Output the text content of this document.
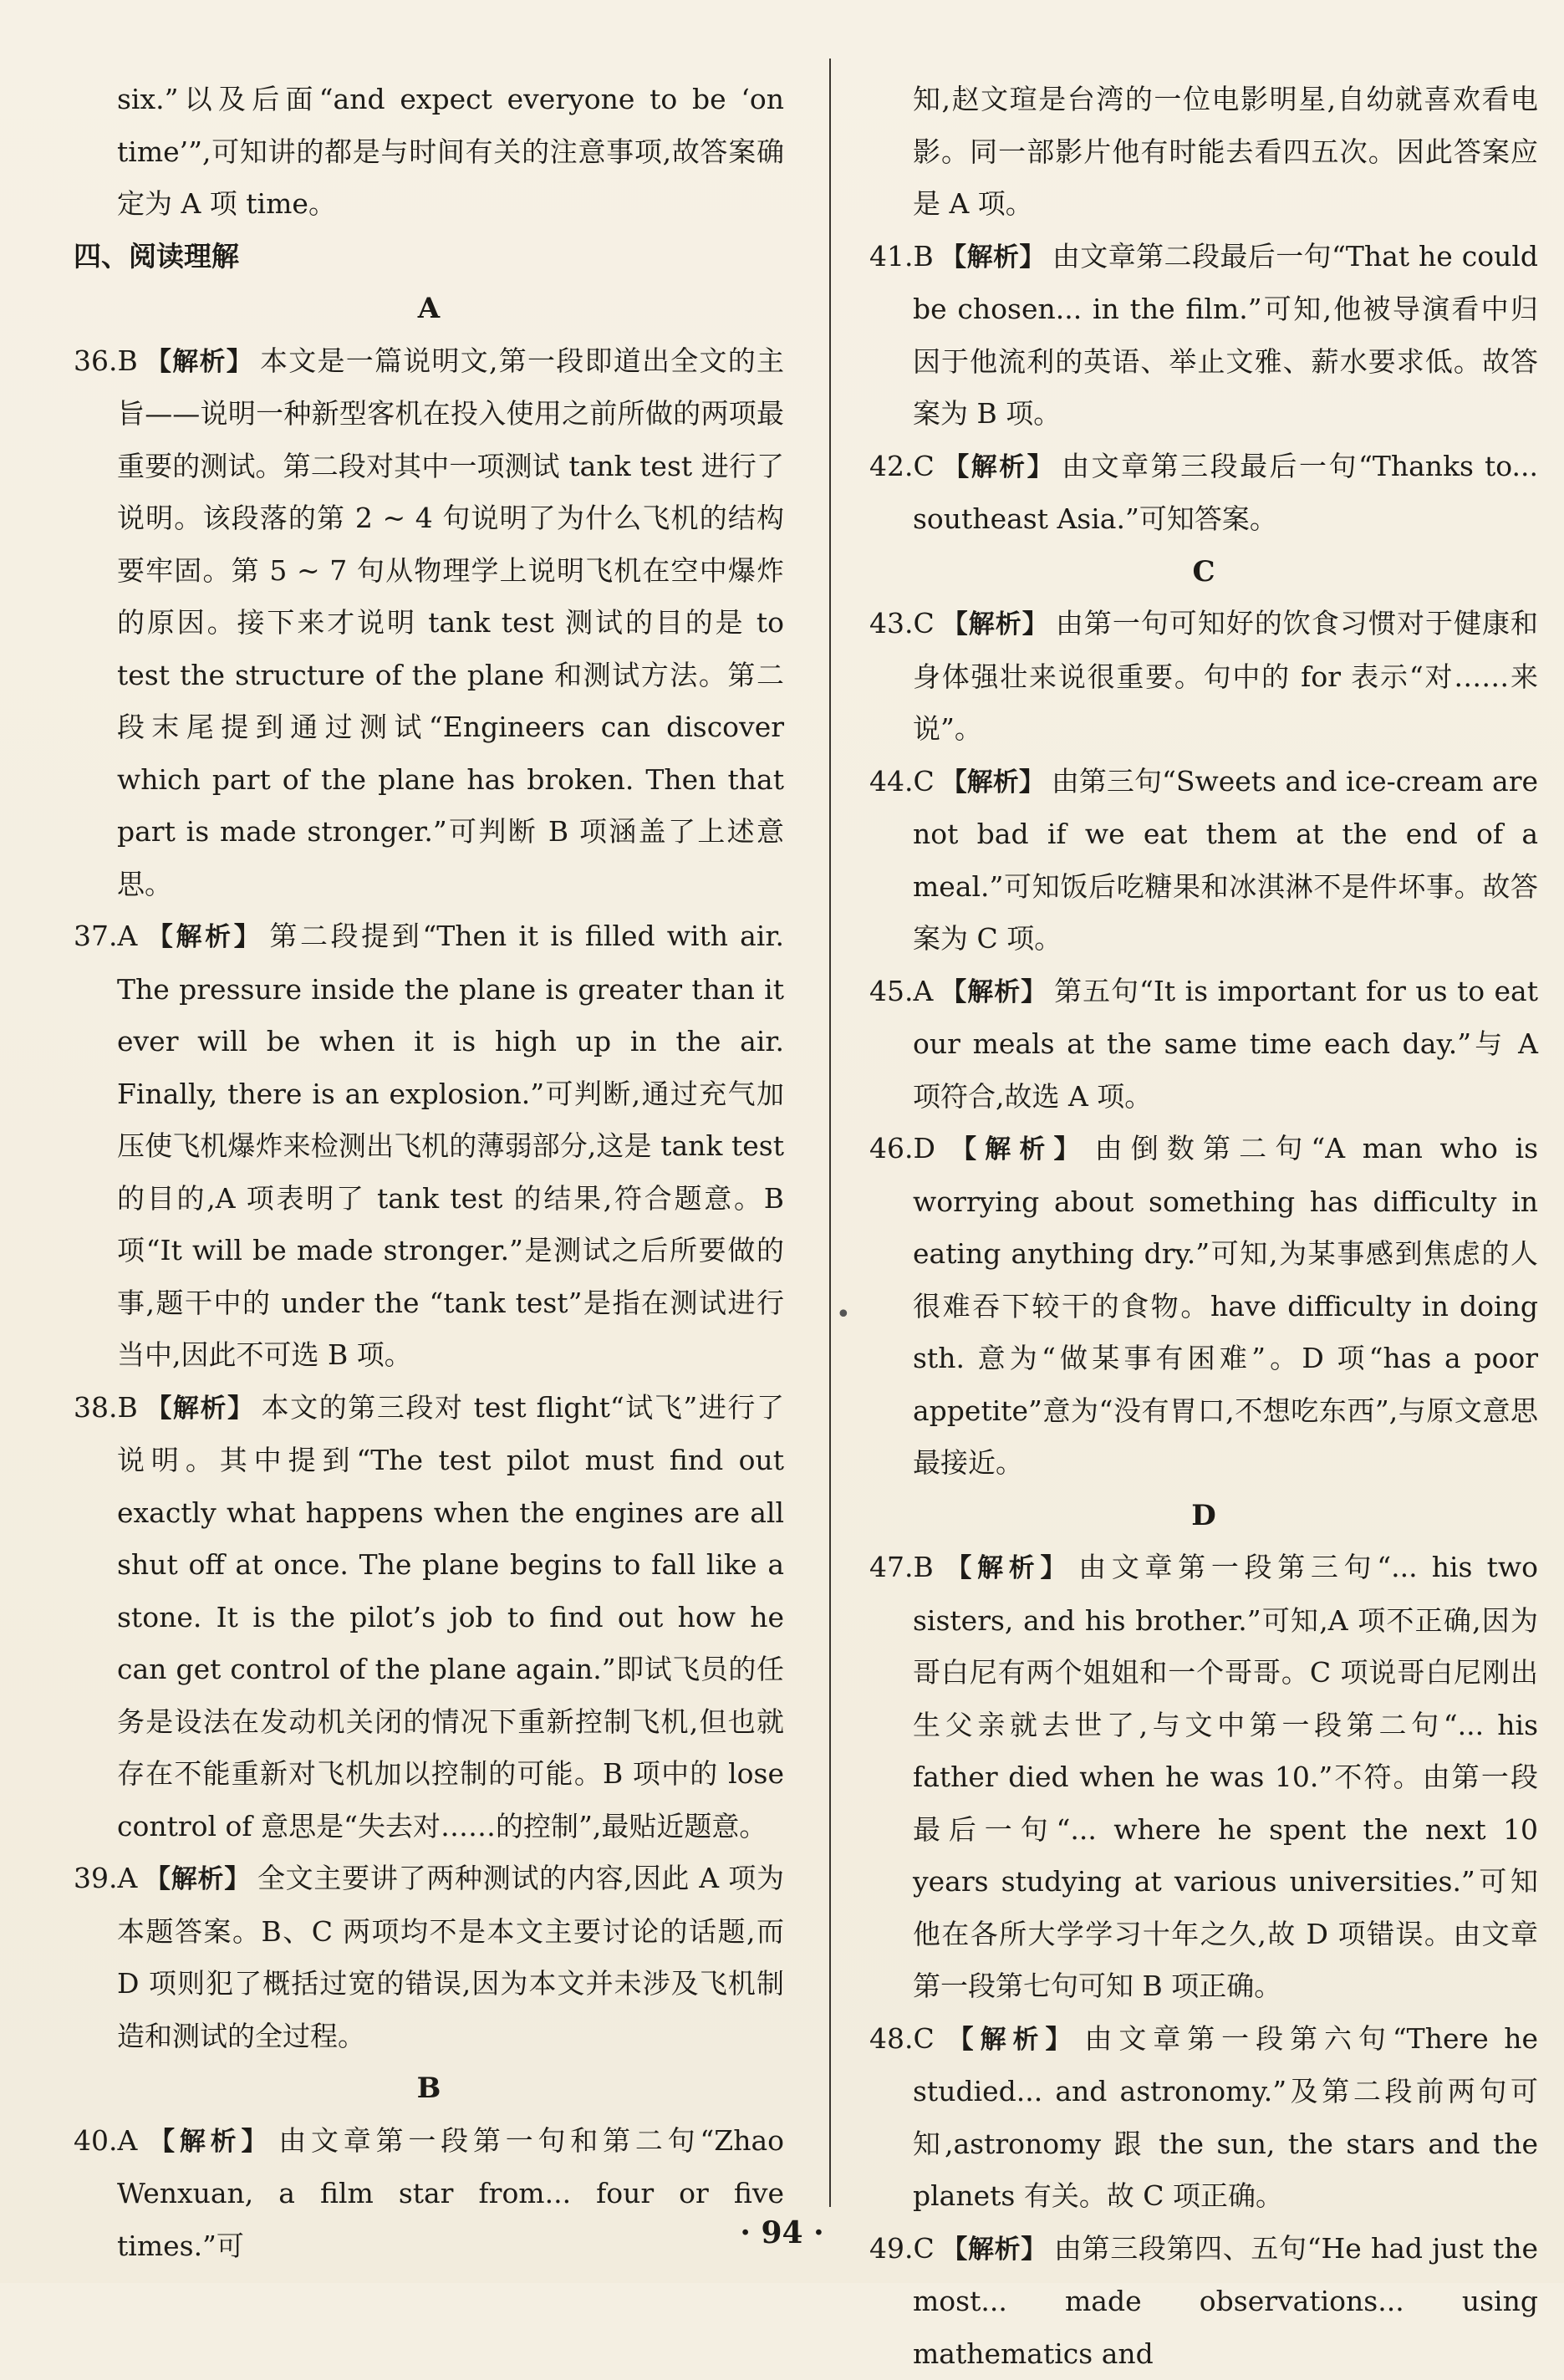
six.”以及后面“and expect everyone to be ‘on time’”,可知讲的都是与时间有关的注意事项,故答案确定为 A 项 time。

四、阅读理解

A

36.B 【解析】 本文是一篇说明文,第一段即道出全文的主旨——说明一种新型客机在投入使用之前所做的两项最重要的测试。第二段对其中一项测试 tank test 进行了说明。该段落的第 2 ~ 4 句说明了为什么飞机的结构要牢固。第 5 ~ 7 句从物理学上说明飞机在空中爆炸的原因。接下来才说明 tank test 测试的目的是 to test the structure of the plane 和测试方法。第二段末尾提到通过测试“Engineers can discover which part of the plane has broken. Then that part is made stronger.”可判断 B 项涵盖了上述意思。

37.A 【解析】 第二段提到“Then it is filled with air. The pressure inside the plane is greater than it ever will be when it is high up in the air. Finally, there is an explosion.”可判断,通过充气加压使飞机爆炸来检测出飞机的薄弱部分,这是 tank test 的目的,A 项表明了 tank test 的结果,符合题意。B 项“It will be made stronger.”是测试之后所要做的事,题干中的 under the “tank test”是指在测试进行当中,因此不可选 B 项。

38.B 【解析】 本文的第三段对 test flight“试飞”进行了说明。其中提到“The test pilot must find out exactly what happens when the engines are all shut off at once. The plane begins to fall like a stone. It is the pilot’s job to find out how he can get control of the plane again.”即试飞员的任务是设法在发动机关闭的情况下重新控制飞机,但也就存在不能重新对飞机加以控制的可能。B 项中的 lose control of 意思是“失去对……的控制”,最贴近题意。

39.A 【解析】 全文主要讲了两种测试的内容,因此 A 项为本题答案。B、C 两项均不是本文主要讨论的话题,而 D 项则犯了概括过宽的错误,因为本文并未涉及飞机制造和测试的全过程。

B

40.A 【解析】 由文章第一段第一句和第二句“Zhao Wenxuan, a film star from... four or five times.”可

知,赵文瑄是台湾的一位电影明星,自幼就喜欢看电影。同一部影片他有时能去看四五次。因此答案应是 A 项。

41.B 【解析】 由文章第二段最后一句“That he could be chosen... in the film.”可知,他被导演看中归因于他流利的英语、举止文雅、薪水要求低。故答案为 B 项。

42.C 【解析】 由文章第三段最后一句“Thanks to... southeast Asia.”可知答案。

C

43.C 【解析】 由第一句可知好的饮食习惯对于健康和身体强壮来说很重要。句中的 for 表示“对……来说”。

44.C 【解析】 由第三句“Sweets and ice-cream are not bad if we eat them at the end of a meal.”可知饭后吃糖果和冰淇淋不是件坏事。故答案为 C 项。

45.A 【解析】 第五句“It is important for us to eat our meals at the same time each day.”与 A 项符合,故选 A 项。

46.D 【解析】 由倒数第二句“A man who is worrying about something has difficulty in eating anything dry.”可知,为某事感到焦虑的人很难吞下较干的食物。have difficulty in doing sth. 意为“做某事有困难”。D 项“has a poor appetite”意为“没有胃口,不想吃东西”,与原文意思最接近。

D

47.B 【解析】 由文章第一段第三句“... his two sisters, and his brother.”可知,A 项不正确,因为哥白尼有两个姐姐和一个哥哥。C 项说哥白尼刚出生父亲就去世了,与文中第一段第二句“... his father died when he was 10.”不符。由第一段最后一句“... where he spent the next 10 years studying at various universities.”可知他在各所大学学习十年之久,故 D 项错误。由文章第一段第七句可知 B 项正确。

48.C 【解析】 由文章第一段第六句“There he studied... and astronomy.”及第二段前两句可知,astronomy 跟 the sun, the stars and the planets 有关。故 C 项正确。

49.C 【解析】 由第三段第四、五句“He had just the most... made observations... using mathematics and

•
· 94 ·
